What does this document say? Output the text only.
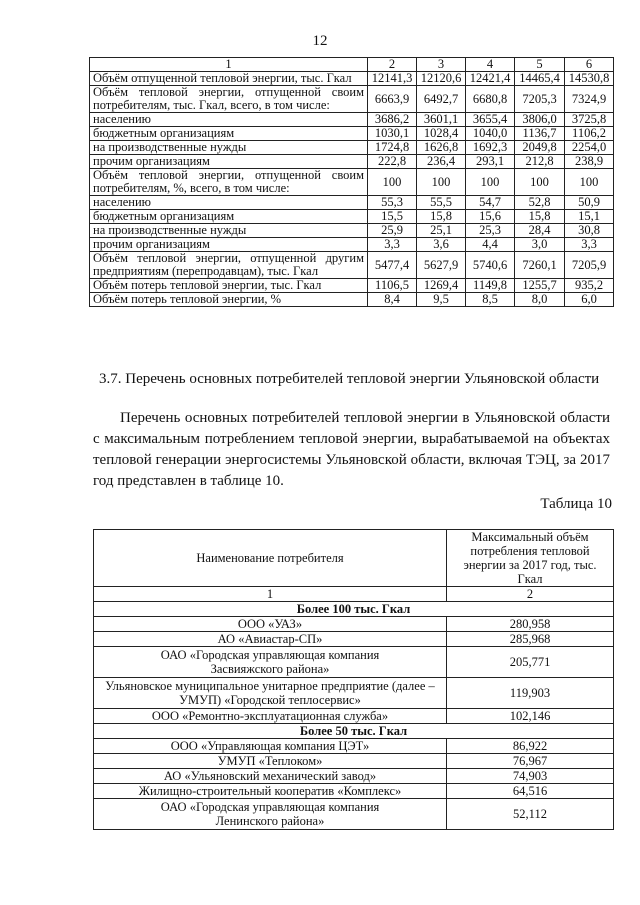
12
1	2	3	4	5	6
Объём отпущенной тепловой энергии, тыс. Гкал	12141,3	12120,6	12421,4	14465,4	14530,8
Объём тепловой энергии, отпущенной своим потребителям, тыс. Гкал, всего, в том числе:	6663,9	6492,7	6680,8	7205,3	7324,9
населению	3686,2	3601,1	3655,4	3806,0	3725,8
бюджетным организациям	1030,1	1028,4	1040,0	1136,7	1106,2
на производственные нужды	1724,8	1626,8	1692,3	2049,8	2254,0
прочим организациям	222,8	236,4	293,1	212,8	238,9
Объём тепловой энергии, отпущенной своим потребителям, %, всего, в том числе:	100	100	100	100	100
населению	55,3	55,5	54,7	52,8	50,9
бюджетным организациям	15,5	15,8	15,6	15,8	15,1
на производственные нужды	25,9	25,1	25,3	28,4	30,8
прочим организациям	3,3	3,6	4,4	3,0	3,3
Объём тепловой энергии, отпущенной другим предприятиям (перепродавцам), тыс. Гкал	5477,4	5627,9	5740,6	7260,1	7205,9
Объём потерь тепловой энергии, тыс. Гкал	1106,5	1269,4	1149,8	1255,7	935,2
Объём потерь тепловой энергии, %	8,4	9,5	8,5	8,0	6,0
3.7. Перечень основных потребителей тепловой энергии Ульяновской области

Перечень основных потребителей тепловой энергии в Ульяновской области с максимальным потреблением тепловой энергии, вырабатываемой на объектах тепловой генерации энергосистемы Ульяновской области, включая ТЭЦ, за 2017 год представлен в таблице 10.

Таблица 10
Наименование потребителя	Максимальный объём потребления тепловой энергии за 2017 год, тыс. Гкал
1	2
Более 100 тыс. Гкал	
ООО «УАЗ»	280,958
АО «Авиастар-СП»	285,968
ОАО «Городская управляющая компания Засвияжского района»	205,771
Ульяновское муниципальное унитарное предприятие (далее – УМУП) «Городской теплосервис»	119,903
ООО «Ремонтно-эксплуатационная служба»	102,146
Более 50 тыс. Гкал	
ООО «Управляющая компания ЦЭТ»	86,922
УМУП «Теплоком»	76,967
АО «Ульяновский механический завод»	74,903
Жилищно-строительный кооператив «Комплекс»	64,516
ОАО «Городская управляющая компания Ленинского района»	52,112
